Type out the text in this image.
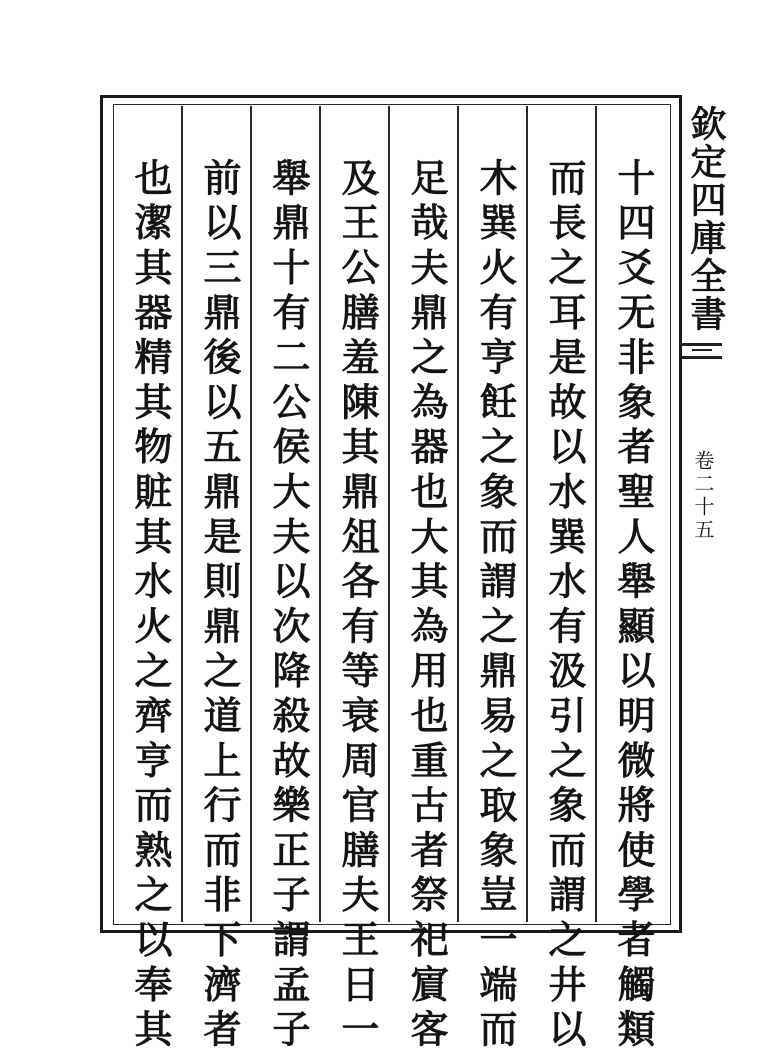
十四爻无非象者聖人舉顯以明微將使學者觸類
而長之耳是故以水巽水有汲引之象而謂之井以
木巽火有亨飪之象而謂之鼎易之取象豈一端而
足哉夫鼎之為器也大其為用也重古者祭祀賔客
及王公膳羞陳其鼎俎各有等衰周官膳夫王日一
舉鼎十有二公侯大夫以次降殺故樂正子謂孟子
前以三鼎後以五鼎是則鼎之道上行而非下濟者
也潔其器精其物賍其水火之齊亨而熟之以奉其	欽定四庫全書
卷二十五
